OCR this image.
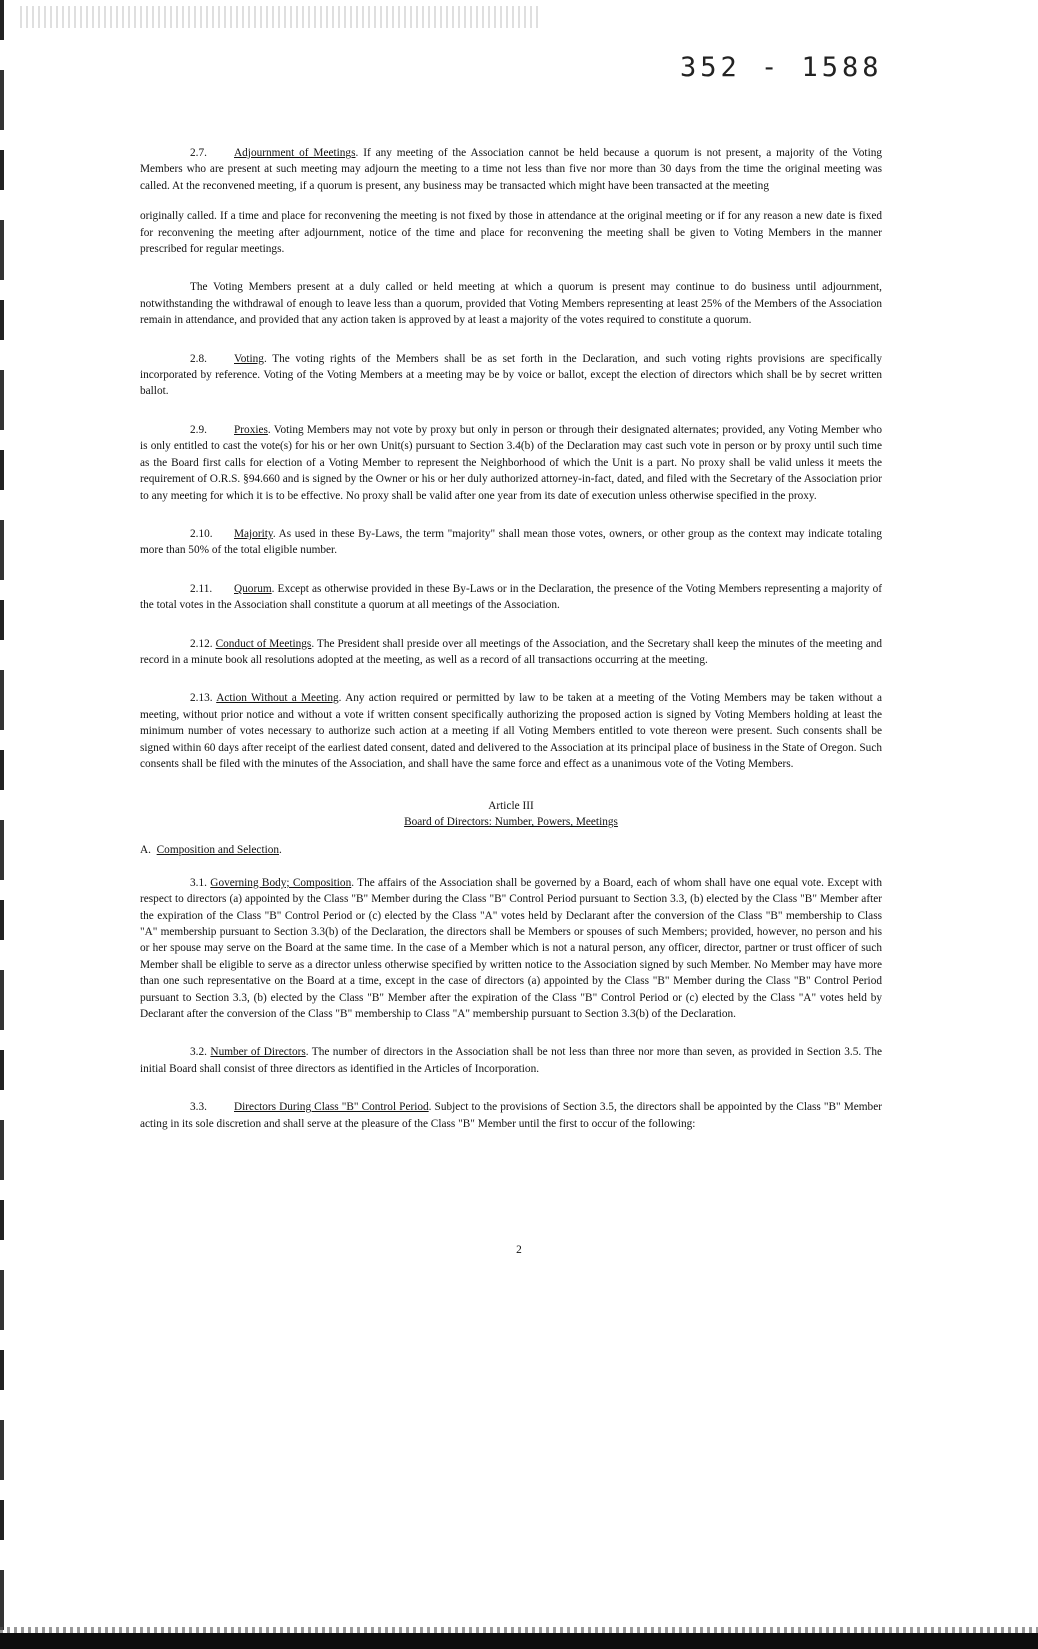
352 - 1588

2.7. Adjournment of Meetings. If any meeting of the Association cannot be held because a quorum is not present, a majority of the Voting Members who are present at such meeting may adjourn the meeting to a time not less than five nor more than 30 days from the time the original meeting was called. At the reconvened meeting, if a quorum is present, any business may be transacted which might have been transacted at the meeting

originally called. If a time and place for reconvening the meeting is not fixed by those in attendance at the original meeting or if for any reason a new date is fixed for reconvening the meeting after adjournment, notice of the time and place for reconvening the meeting shall be given to Voting Members in the manner prescribed for regular meetings.

The Voting Members present at a duly called or held meeting at which a quorum is present may continue to do business until adjournment, notwithstanding the withdrawal of enough to leave less than a quorum, provided that Voting Members representing at least 25% of the Members of the Association remain in attendance, and provided that any action taken is approved by at least a majority of the votes required to constitute a quorum.

2.8. Voting. The voting rights of the Members shall be as set forth in the Declaration, and such voting rights provisions are specifically incorporated by reference. Voting of the Voting Members at a meeting may be by voice or ballot, except the election of directors which shall be by secret written ballot.

2.9. Proxies. Voting Members may not vote by proxy but only in person or through their designated alternates; provided, any Voting Member who is only entitled to cast the vote(s) for his or her own Unit(s) pursuant to Section 3.4(b) of the Declaration may cast such vote in person or by proxy until such time as the Board first calls for election of a Voting Member to represent the Neighborhood of which the Unit is a part. No proxy shall be valid unless it meets the requirement of O.R.S. §94.660 and is signed by the Owner or his or her duly authorized attorney-in-fact, dated, and filed with the Secretary of the Association prior to any meeting for which it is to be effective. No proxy shall be valid after one year from its date of execution unless otherwise specified in the proxy.

2.10. Majority. As used in these By-Laws, the term "majority" shall mean those votes, owners, or other group as the context may indicate totaling more than 50% of the total eligible number.

2.11. Quorum. Except as otherwise provided in these By-Laws or in the Declaration, the presence of the Voting Members representing a majority of the total votes in the Association shall constitute a quorum at all meetings of the Association.

2.12. Conduct of Meetings. The President shall preside over all meetings of the Association, and the Secretary shall keep the minutes of the meeting and record in a minute book all resolutions adopted at the meeting, as well as a record of all transactions occurring at the meeting.

2.13. Action Without a Meeting. Any action required or permitted by law to be taken at a meeting of the Voting Members may be taken without a meeting, without prior notice and without a vote if written consent specifically authorizing the proposed action is signed by Voting Members holding at least the minimum number of votes necessary to authorize such action at a meeting if all Voting Members entitled to vote thereon were present. Such consents shall be signed within 60 days after receipt of the earliest dated consent, dated and delivered to the Association at its principal place of business in the State of Oregon. Such consents shall be filed with the minutes of the Association, and shall have the same force and effect as a unanimous vote of the Voting Members.

Article III
Board of Directors: Number, Powers, Meetings

A. Composition and Selection.

3.1. Governing Body; Composition. The affairs of the Association shall be governed by a Board, each of whom shall have one equal vote. Except with respect to directors (a) appointed by the Class "B" Member during the Class "B" Control Period pursuant to Section 3.3, (b) elected by the Class "B" Member after the expiration of the Class "B" Control Period or (c) elected by the Class "A" votes held by Declarant after the conversion of the Class "B" membership to Class "A" membership pursuant to Section 3.3(b) of the Declaration, the directors shall be Members or spouses of such Members; provided, however, no person and his or her spouse may serve on the Board at the same time. In the case of a Member which is not a natural person, any officer, director, partner or trust officer of such Member shall be eligible to serve as a director unless otherwise specified by written notice to the Association signed by such Member. No Member may have more than one such representative on the Board at a time, except in the case of directors (a) appointed by the Class "B" Member during the Class "B" Control Period pursuant to Section 3.3, (b) elected by the Class "B" Member after the expiration of the Class "B" Control Period or (c) elected by the Class "A" votes held by Declarant after the conversion of the Class "B" membership to Class "A" membership pursuant to Section 3.3(b) of the Declaration.

3.2. Number of Directors. The number of directors in the Association shall be not less than three nor more than seven, as provided in Section 3.5. The initial Board shall consist of three directors as identified in the Articles of Incorporation.

3.3. Directors During Class "B" Control Period. Subject to the provisions of Section 3.5, the directors shall be appointed by the Class "B" Member acting in its sole discretion and shall serve at the pleasure of the Class "B" Member until the first to occur of the following:

2
